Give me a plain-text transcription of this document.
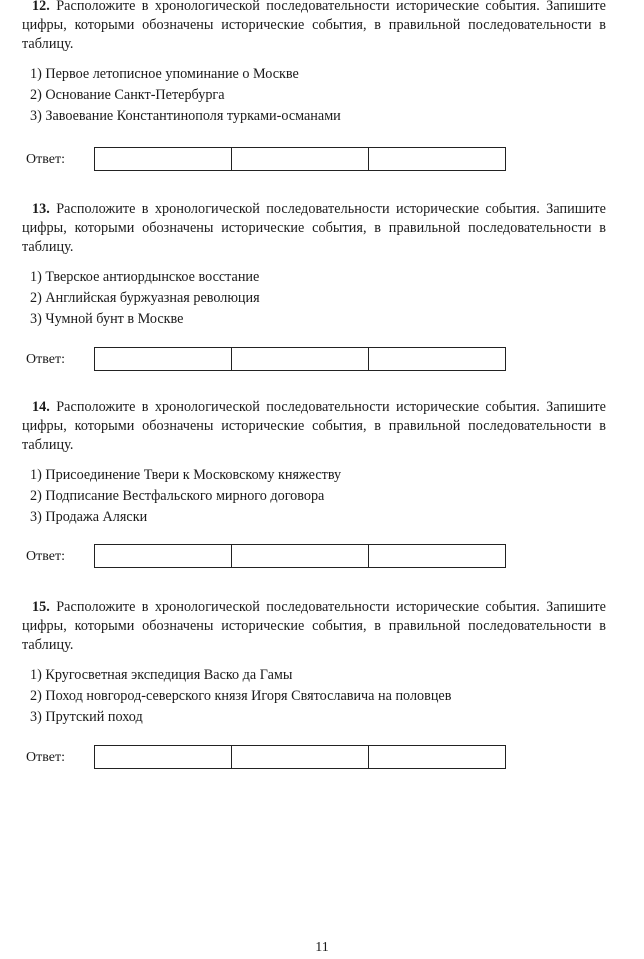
12. Расположите в хронологической последовательности исторические события. Запишите цифры, которыми обозначены исторические события, в правильной последовательности в таблицу.

1) Первое летописное упоминание о Москве
2) Основание Санкт-Петербурга
3) Завоевание Константинополя турками-османами
Ответ:

13. Расположите в хронологической последовательности исторические события. Запишите цифры, которыми обозначены исторические события, в правильной последовательности в таблицу.

1) Тверское антиордынское восстание
2) Английская буржуазная революция
3) Чумной бунт в Москве
Ответ:

14. Расположите в хронологической последовательности исторические события. Запишите цифры, которыми обозначены исторические события, в правильной последовательности в таблицу.

1) Присоединение Твери к Московскому княжеству
2) Подписание Вестфальского мирного договора
3) Продажа Аляски
Ответ:

15. Расположите в хронологической последовательности исторические события. Запишите цифры, которыми обозначены исторические события, в правильной последовательности в таблицу.

1) Кругосветная экспедиция Васко да Гамы
2) Поход новгород-северского князя Игоря Святославича на половцев
3) Прутский поход
Ответ:
11
